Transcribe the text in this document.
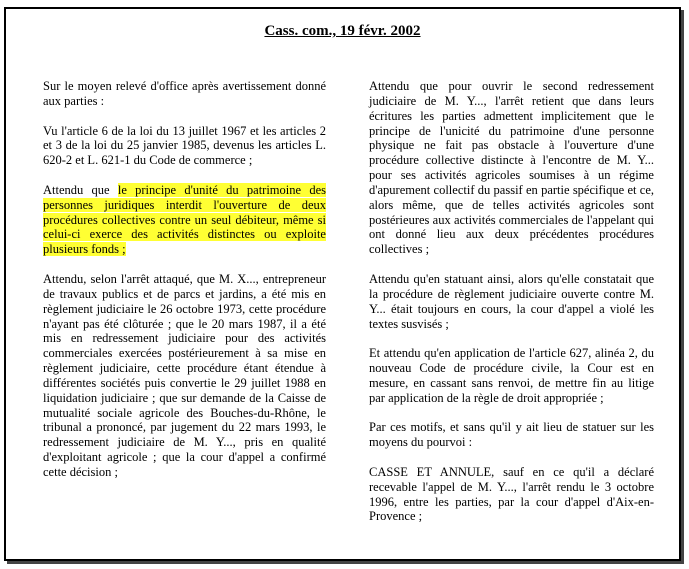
Cass. com., 19 févr. 2002

Sur le moyen relevé d'office après avertissement donné aux parties :

Vu l'article 6 de la loi du 13 juillet 1967 et les articles 2 et 3 de la loi du 25 janvier 1985, devenus les articles L. 620-2 et L. 621-1 du Code de commerce ;

Attendu que le principe d'unité du patrimoine des personnes juridiques interdit l'ouverture de deux procédures collectives contre un seul débiteur, même si celui-ci exerce des activités distinctes ou exploite plusieurs fonds ;

Attendu, selon l'arrêt attaqué, que M. X..., entrepreneur de travaux publics et de parcs et jardins, a été mis en règlement judiciaire le 26 octobre 1973, cette procédure n'ayant pas été clôturée ; que le 20 mars 1987, il a été mis en redressement judiciaire pour des activités commerciales exercées postérieurement à sa mise en règlement judiciaire, cette procédure étant étendue à différentes sociétés puis convertie le 29 juillet 1988 en liquidation judiciaire ; que sur demande de la Caisse de mutualité sociale agricole des Bouches-du-Rhône, le tribunal a prononcé, par jugement du 22 mars 1993, le redressement judiciaire de M. Y..., pris en qualité d'exploitant agricole ; que la cour d'appel a confirmé cette décision ;

Attendu que pour ouvrir le second redressement judiciaire de M. Y..., l'arrêt retient que dans leurs écritures les parties admettent implicitement que le principe de l'unicité du patrimoine d'une personne physique ne fait pas obstacle à l'ouverture d'une procédure collective distincte à l'encontre de M. Y... pour ses activités agricoles soumises à un régime d'apurement collectif du passif en partie spécifique et ce, alors même, que de telles activités agricoles sont postérieures aux activités commerciales de l'appelant qui ont donné lieu aux deux précédentes procédures collectives ;

Attendu qu'en statuant ainsi, alors qu'elle constatait que la procédure de règlement judiciaire ouverte contre M. Y... était toujours en cours, la cour d'appel a violé les textes susvisés ;

Et attendu qu'en application de l'article 627, alinéa 2, du nouveau Code de procédure civile, la Cour est en mesure, en cassant sans renvoi, de mettre fin au litige par application de la règle de droit appropriée ;

Par ces motifs, et sans qu'il y ait lieu de statuer sur les moyens du pourvoi :

CASSE ET ANNULE, sauf en ce qu'il a déclaré recevable l'appel de M. Y..., l'arrêt rendu le 3 octobre 1996, entre les parties, par la cour d'appel d'Aix-en-Provence ;
